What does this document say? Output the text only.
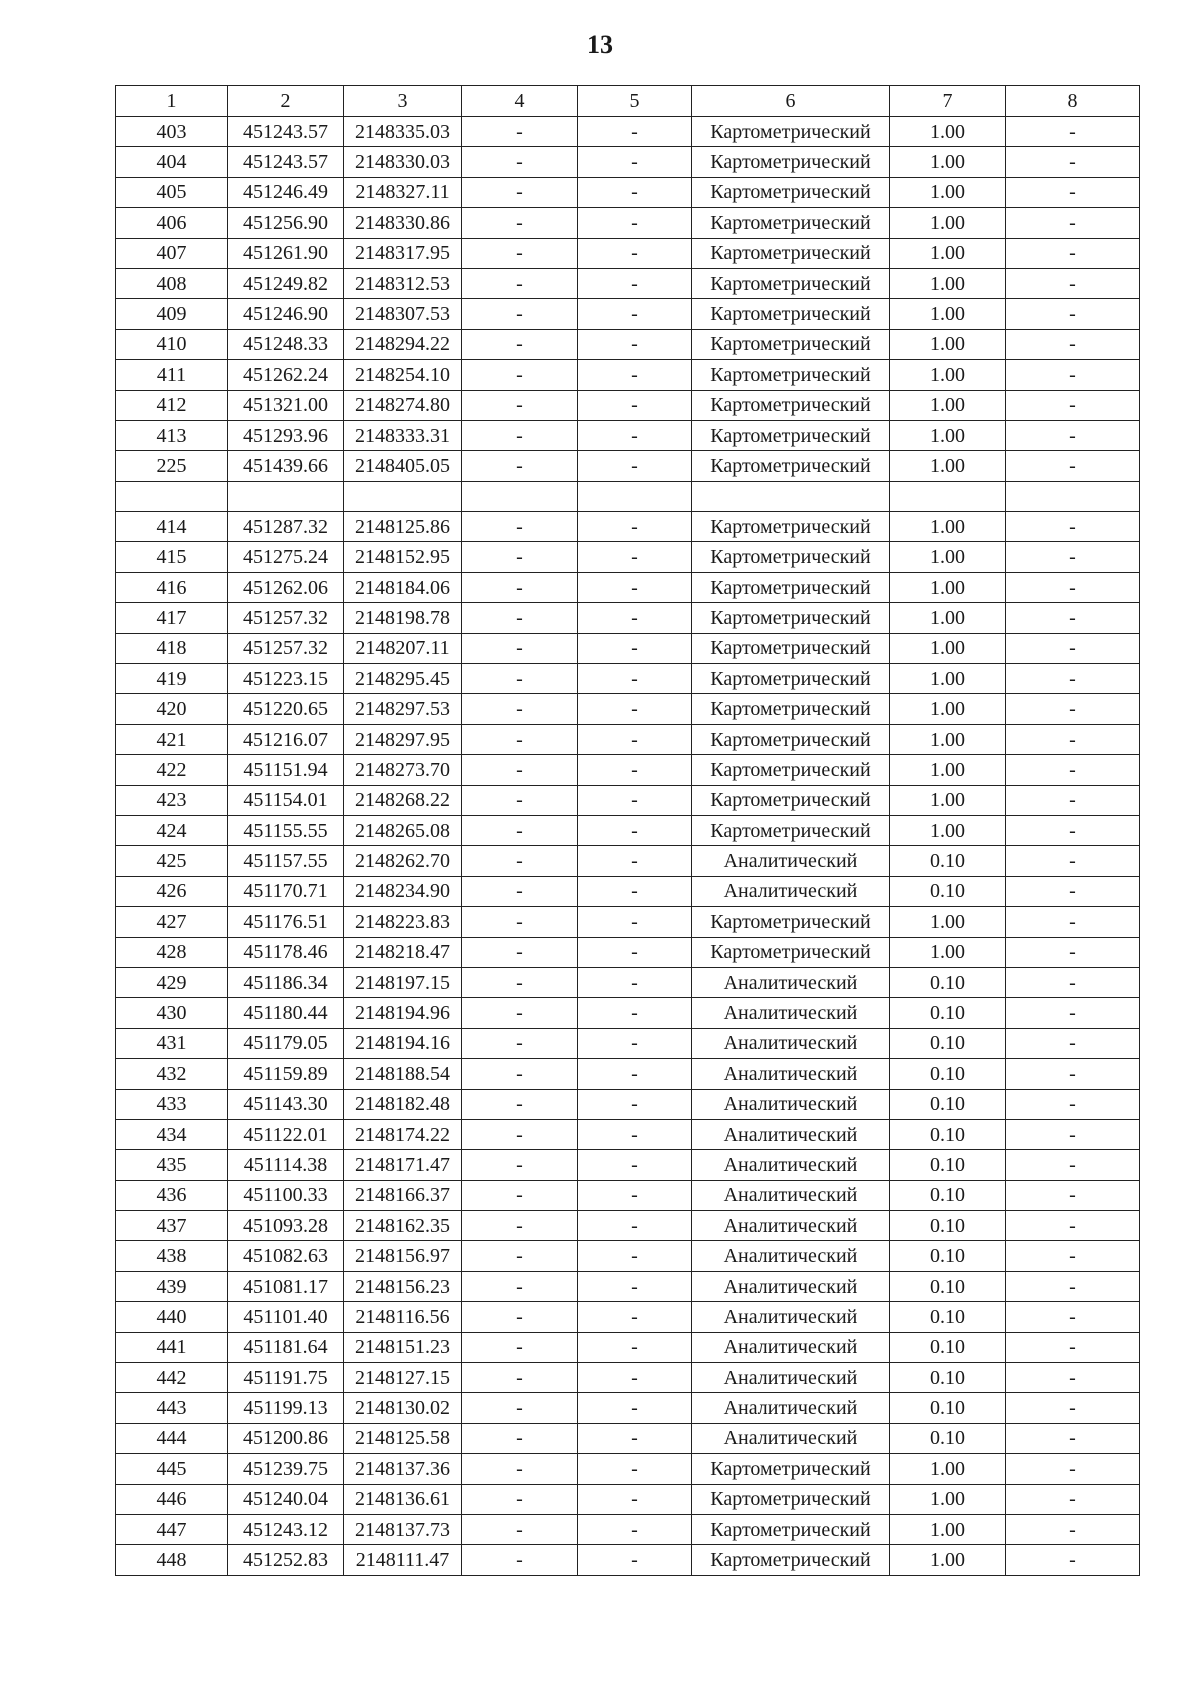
13
1	2	3	4	5	6	7	8
403	451243.57	2148335.03	-	-	Картометрический	1.00	-
404	451243.57	2148330.03	-	-	Картометрический	1.00	-
405	451246.49	2148327.11	-	-	Картометрический	1.00	-
406	451256.90	2148330.86	-	-	Картометрический	1.00	-
407	451261.90	2148317.95	-	-	Картометрический	1.00	-
408	451249.82	2148312.53	-	-	Картометрический	1.00	-
409	451246.90	2148307.53	-	-	Картометрический	1.00	-
410	451248.33	2148294.22	-	-	Картометрический	1.00	-
411	451262.24	2148254.10	-	-	Картометрический	1.00	-
412	451321.00	2148274.80	-	-	Картометрический	1.00	-
413	451293.96	2148333.31	-	-	Картометрический	1.00	-
225	451439.66	2148405.05	-	-	Картометрический	1.00	-

414	451287.32	2148125.86	-	-	Картометрический	1.00	-
415	451275.24	2148152.95	-	-	Картометрический	1.00	-
416	451262.06	2148184.06	-	-	Картометрический	1.00	-
417	451257.32	2148198.78	-	-	Картометрический	1.00	-
418	451257.32	2148207.11	-	-	Картометрический	1.00	-
419	451223.15	2148295.45	-	-	Картометрический	1.00	-
420	451220.65	2148297.53	-	-	Картометрический	1.00	-
421	451216.07	2148297.95	-	-	Картометрический	1.00	-
422	451151.94	2148273.70	-	-	Картометрический	1.00	-
423	451154.01	2148268.22	-	-	Картометрический	1.00	-
424	451155.55	2148265.08	-	-	Картометрический	1.00	-
425	451157.55	2148262.70	-	-	Аналитический	0.10	-
426	451170.71	2148234.90	-	-	Аналитический	0.10	-
427	451176.51	2148223.83	-	-	Картометрический	1.00	-
428	451178.46	2148218.47	-	-	Картометрический	1.00	-
429	451186.34	2148197.15	-	-	Аналитический	0.10	-
430	451180.44	2148194.96	-	-	Аналитический	0.10	-
431	451179.05	2148194.16	-	-	Аналитический	0.10	-
432	451159.89	2148188.54	-	-	Аналитический	0.10	-
433	451143.30	2148182.48	-	-	Аналитический	0.10	-
434	451122.01	2148174.22	-	-	Аналитический	0.10	-
435	451114.38	2148171.47	-	-	Аналитический	0.10	-
436	451100.33	2148166.37	-	-	Аналитический	0.10	-
437	451093.28	2148162.35	-	-	Аналитический	0.10	-
438	451082.63	2148156.97	-	-	Аналитический	0.10	-
439	451081.17	2148156.23	-	-	Аналитический	0.10	-
440	451101.40	2148116.56	-	-	Аналитический	0.10	-
441	451181.64	2148151.23	-	-	Аналитический	0.10	-
442	451191.75	2148127.15	-	-	Аналитический	0.10	-
443	451199.13	2148130.02	-	-	Аналитический	0.10	-
444	451200.86	2148125.58	-	-	Аналитический	0.10	-
445	451239.75	2148137.36	-	-	Картометрический	1.00	-
446	451240.04	2148136.61	-	-	Картометрический	1.00	-
447	451243.12	2148137.73	-	-	Картометрический	1.00	-
448	451252.83	2148111.47	-	-	Картометрический	1.00	-
